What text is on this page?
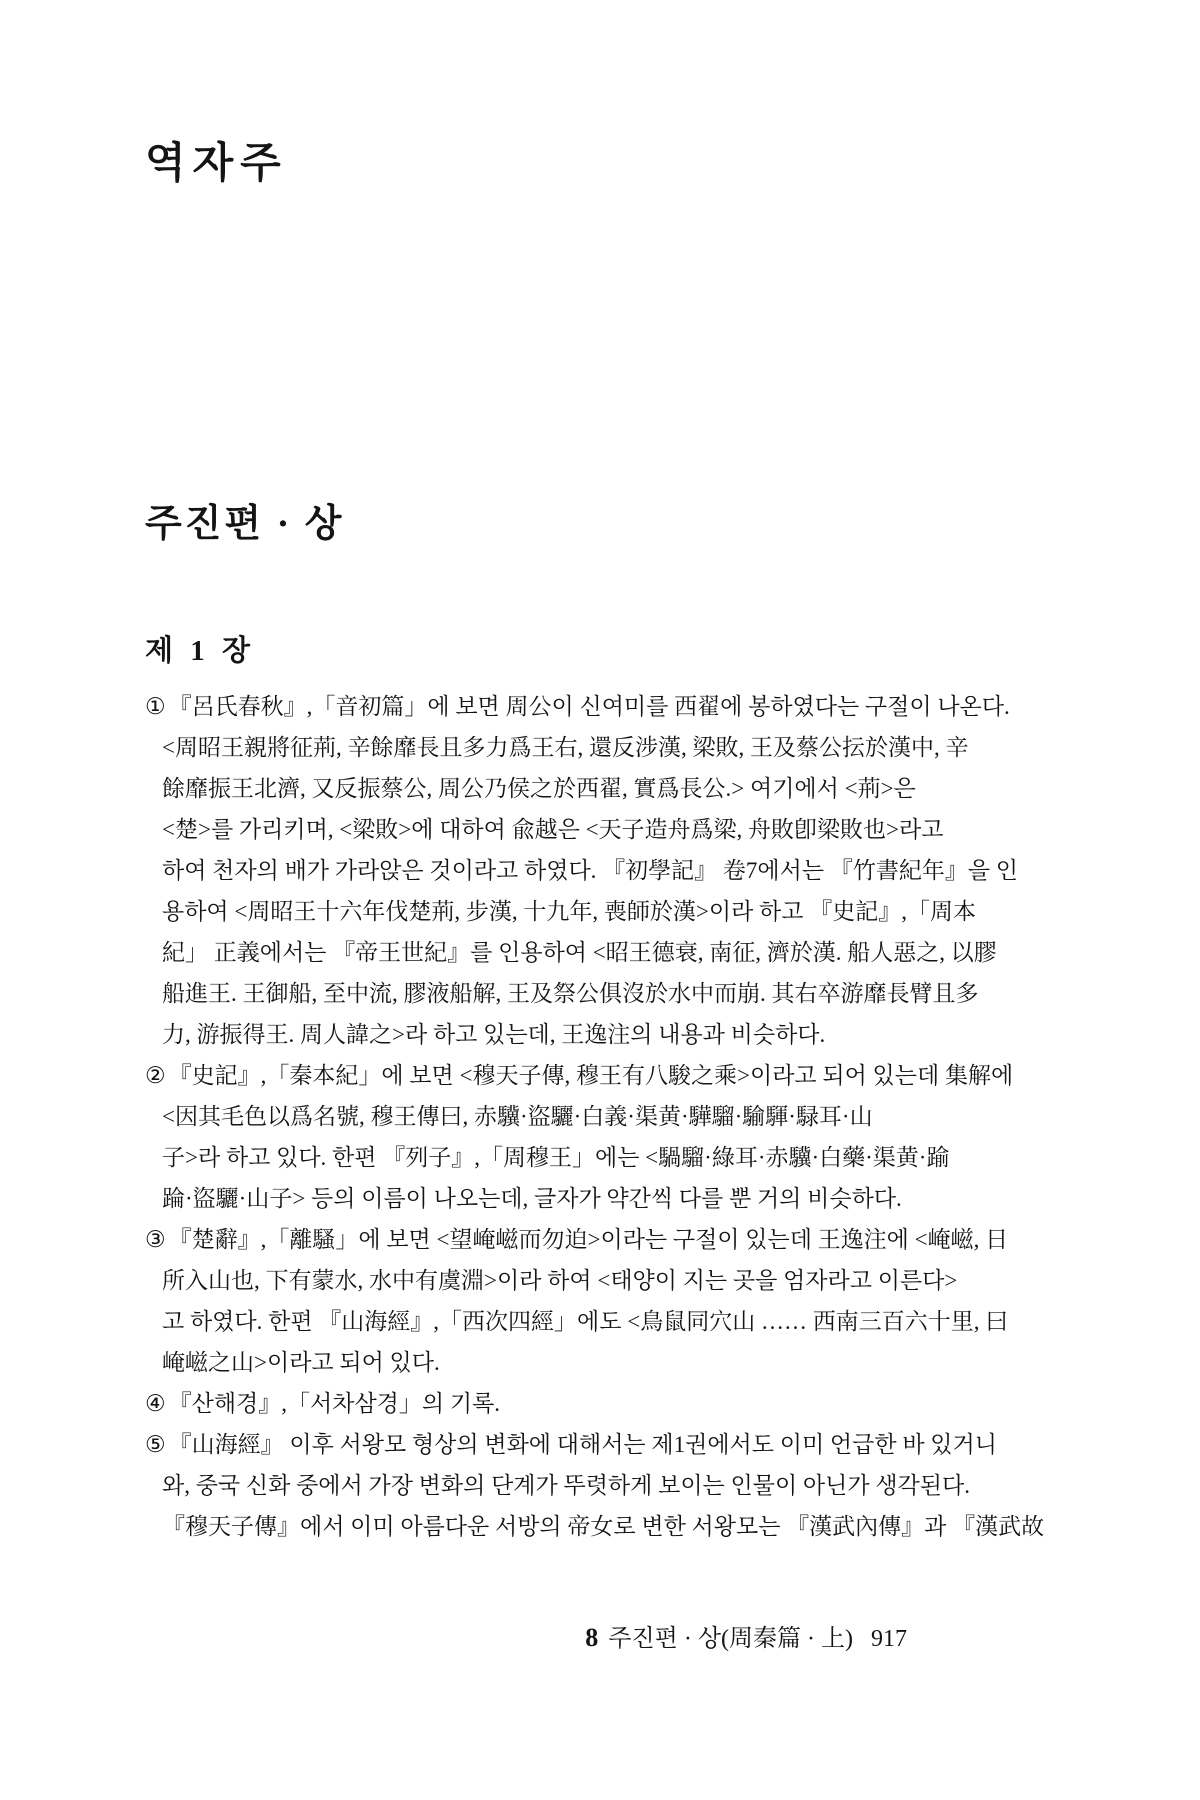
역자주
주진편 · 상
제 1 장
① 『呂氏春秋』,「音初篇」에 보면 周公이 신여미를 西翟에 봉하였다는 구절이 나온다.
<周昭王親將征荊, 辛餘靡長且多力爲王右, 還反涉漢, 梁敗, 王及蔡公抎於漢中, 辛
餘靡振王北濟, 又反振蔡公, 周公乃侯之於西翟, 實爲長公.> 여기에서 <荊>은
<楚>를 가리키며, <梁敗>에 대하여 兪越은 <天子造舟爲梁, 舟敗卽梁敗也>라고
하여 천자의 배가 가라앉은 것이라고 하였다. 『初學記』 卷7에서는 『竹書紀年』을 인
용하여 <周昭王十六年伐楚荊, 步漢, 十九年, 喪師於漢>이라 하고 『史記』,「周本
紀」 正義에서는 『帝王世紀』를 인용하여 <昭王德衰, 南征, 濟於漢. 船人惡之, 以膠
船進王. 王御船, 至中流, 膠液船解, 王及祭公俱沒於水中而崩. 其右卒游靡長臂且多
力, 游振得王. 周人諱之>라 하고 있는데, 王逸注의 내용과 비슷하다.
② 『史記』,「秦本紀」에 보면 <穆天子傳, 穆王有八駿之乘>이라고 되어 있는데 集解에
<因其毛色以爲名號, 穆王傳曰, 赤驥·盜驪·白義·渠黄·驊騮·騟䮝·騄耳·山
子>라 하고 있다. 한편 『列子』,「周穆王」에는 <騧騮·綠耳·赤驥·白藥·渠黄·踰
踚·盜驪·山子> 등의 이름이 나오는데, 글자가 약간씩 다를 뿐 거의 비슷하다.
③ 『楚辭』,「離騷」에 보면 <望崦嵫而勿迫>이라는 구절이 있는데 王逸注에 <崦嵫, 日
所入山也, 下有蒙水, 水中有虞淵>이라 하여 <태양이 지는 곳을 엄자라고 이른다>
고 하였다. 한편 『山海經』,「西次四經」에도 <鳥鼠同穴山 …… 西南三百六十里, 曰
崦嵫之山>이라고 되어 있다.
④ 『산해경』,「서차삼경」의 기록.
⑤ 『山海經』 이후 서왕모 형상의 변화에 대해서는 제1권에서도 이미 언급한 바 있거니
와, 중국 신화 중에서 가장 변화의 단계가 뚜렷하게 보이는 인물이 아닌가 생각된다.
『穆天子傳』에서 이미 아름다운 서방의 帝女로 변한 서왕모는 『漢武內傳』과 『漢武故
8 주진편 · 상(周秦篇 · 上) 917
